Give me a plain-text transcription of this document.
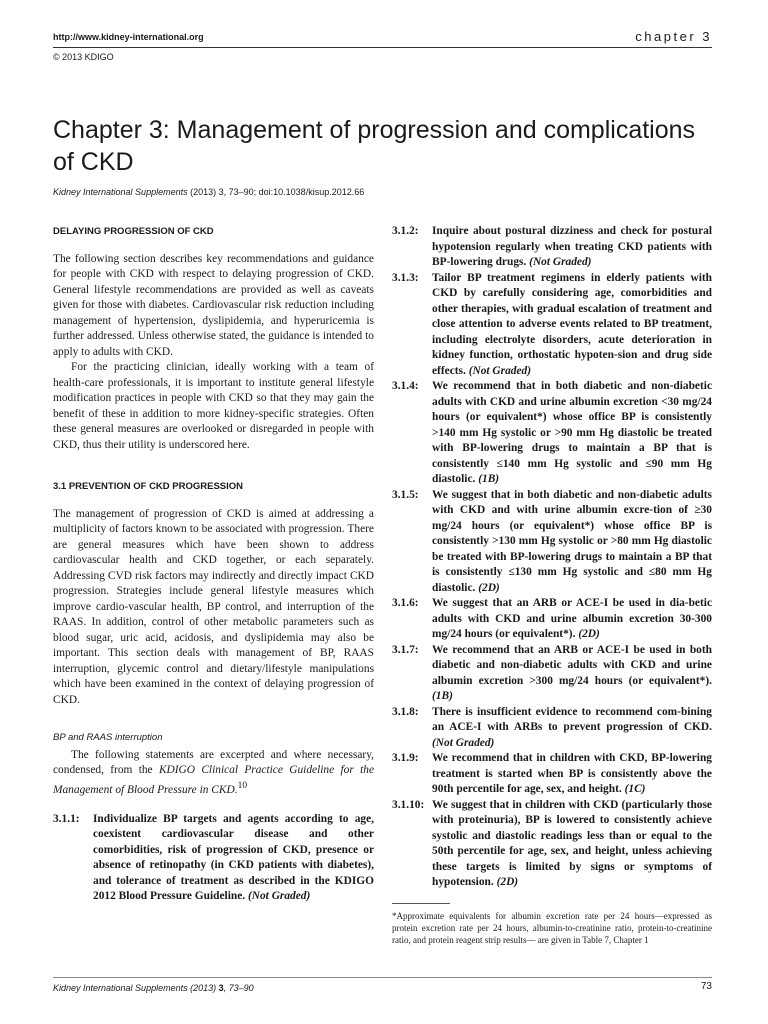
http://www.kidney-international.org
© 2013 KDIGO
chapter 3
Chapter 3: Management of progression and complications of CKD
Kidney International Supplements (2013) 3, 73–90; doi:10.1038/kisup.2012.66
DELAYING PROGRESSION OF CKD

The following section describes key recommendations and guidance for people with CKD with respect to delaying progression of CKD. General lifestyle recommendations are provided as well as caveats given for those with diabetes. Cardiovascular risk reduction including management of hypertension, dyslipidemia, and hyperuricemia is further addressed. Unless otherwise stated, the guidance is intended to apply to adults with CKD.

For the practicing clinician, ideally working with a team of health-care professionals, it is important to institute general lifestyle modification practices in people with CKD so that they may gain the benefit of these in addition to more kidney-specific strategies. Often these general measures are overlooked or disregarded in people with CKD, thus their utility is underscored here.

3.1 PREVENTION OF CKD PROGRESSION

The management of progression of CKD is aimed at addressing a multiplicity of factors known to be associated with progression. There are general measures which have been shown to address cardiovascular health and CKD together, or each separately. Addressing CVD risk factors may indirectly and directly impact CKD progression. Strategies include general lifestyle measures which improve cardio-vascular health, BP control, and interruption of the RAAS. In addition, control of other metabolic parameters such as blood sugar, uric acid, acidosis, and dyslipidemia may also be important. This section deals with management of BP, RAAS interruption, glycemic control and dietary/lifestyle manipulations which have been examined in the context of delaying progression of CKD.

BP and RAAS interruption

The following statements are excerpted and where necessary, condensed, from the KDIGO Clinical Practice Guideline for the Management of Blood Pressure in CKD.$^{10}$

3.1.1:	Individualize BP targets and agents according to age, coexistent cardiovascular disease and other comorbidities, risk of progression of CKD, presence or absence of retinopathy (in CKD patients with diabetes), and tolerance of treatment as described in the KDIGO 2012 Blood Pressure Guideline. (Not Graded)
3.1.2:	Inquire about postural dizziness and check for postural hypotension regularly when treating CKD patients with BP-lowering drugs. (Not Graded)
3.1.3:	Tailor BP treatment regimens in elderly patients with CKD by carefully considering age, comorbidities and other therapies, with gradual escalation of treatment and close attention to adverse events related to BP treatment, including electrolyte disorders, acute deterioration in kidney function, orthostatic hypoten-sion and drug side effects. (Not Graded)
3.1.4:	We recommend that in both diabetic and non-diabetic adults with CKD and urine albumin excretion <30 mg/24 hours (or equivalent*) whose office BP is consistently >140 mm Hg systolic or >90 mm Hg diastolic be treated with BP-lowering drugs to maintain a BP that is consistently ≤140 mm Hg systolic and ≤90 mm Hg diastolic. (1B)
3.1.5:	We suggest that in both diabetic and non-diabetic adults with CKD and with urine albumin excre-tion of ≥30 mg/24 hours (or equivalent*) whose office BP is consistently >130 mm Hg systolic or >80 mm Hg diastolic be treated with BP-lowering drugs to maintain a BP that is consistently ≤130 mm Hg systolic and ≤80 mm Hg diastolic. (2D)
3.1.6:	We suggest that an ARB or ACE-I be used in dia-betic adults with CKD and urine albumin excretion 30-300 mg/24 hours (or equivalent*). (2D)
3.1.7:	We recommend that an ARB or ACE-I be used in both diabetic and non-diabetic adults with CKD and urine albumin excretion >300 mg/24 hours (or equivalent*). (1B)
3.1.8:	There is insufficient evidence to recommend com-bining an ACE-I with ARBs to prevent progression of CKD. (Not Graded)
3.1.9:	We recommend that in children with CKD, BP-lowering treatment is started when BP is consistently above the 90th percentile for age, sex, and height. (1C)
3.1.10: We suggest that in children with CKD (particularly those with proteinuria), BP is lowered to consistently achieve systolic and diastolic readings less than or equal to the 50th percentile for age, sex, and height, unless achieving these targets is limited by signs or symptoms of hypotension. (2D)
*Approximate equivalents for albumin excretion rate per 24 hours—expressed as protein excretion rate per 24 hours, albumin-to-creatinine ratio, protein-to-creatinine ratio, and protein reagent strip results— are given in Table 7, Chapter 1
Kidney International Supplements (2013) 3, 73–90	73
